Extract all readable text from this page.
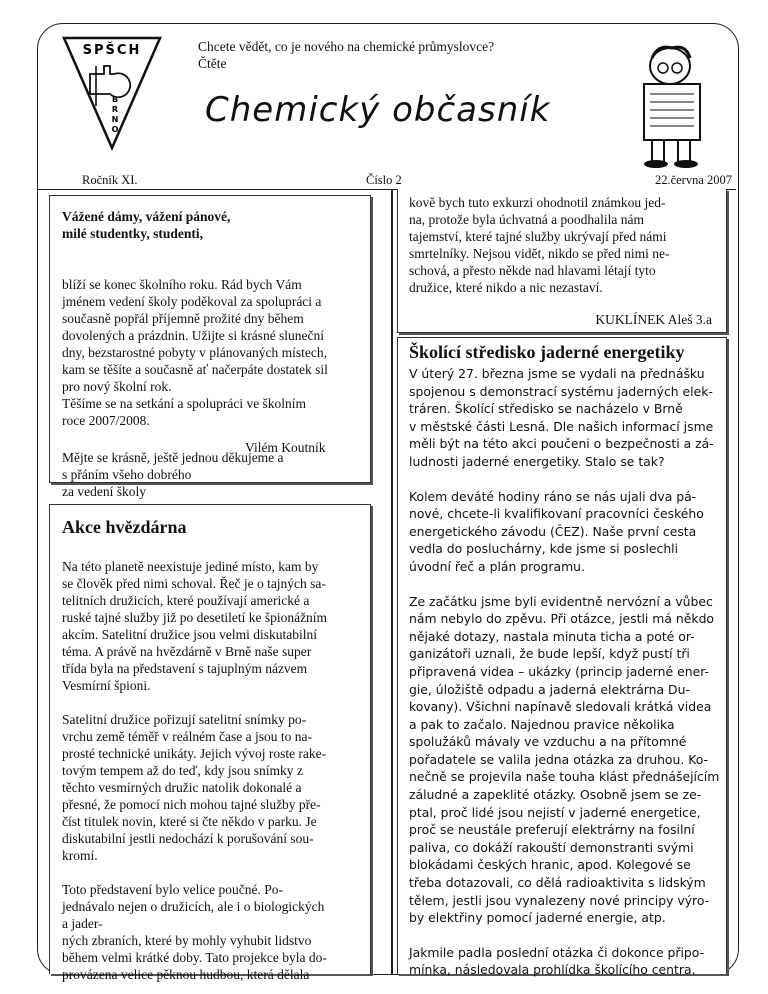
SPŠCH
B
R
N
O
Chcete vědět, co je nového na chemické průmyslovce?
Čtěte
Chemický občasník
Ročník XI.	Číslo 2	22.června 2007

Vážené dámy, vážení pánové,
milé studentky, studenti,

blíží se konec školního roku. Rád bych Vám
jménem vedení školy poděkoval za spolupráci a
současně popřál příjemně prožité dny během
dovolených a prázdnin. Užijte si krásné sluneční
dny, bezstarostné pobyty v plánovaných místech,
kam se těšíte a současně ať načerpáte dostatek sil
pro nový školní rok.
Těšíme se na setkání a spolupráci ve školním
roce 2007/2008.

Mějte se krásně, ještě jednou děkujeme a
s přáním všeho dobrého
za vedení školy

Vilém Koutník
Akce hvězdárna

Na této planetě neexistuje jediné místo, kam by
se člověk před nimi schoval. Řeč je o tajných sa-
telitních družicích, které používají americké a
ruské tajné služby již po desetiletí ke špionážním
akcím. Satelitní družice jsou velmi diskutabilní
téma. A právě na hvězdárně v Brně naše super
třída byla na představení s tajuplným názvem
Vesmírní špioni.

Satelitní družice pořizují satelitní snímky po-
vrchu země téměř v reálném čase a jsou to na-
prosté technické unikáty. Jejich vývoj roste rake-
tovým tempem až do teď, kdy jsou snímky z
těchto vesmírných družic natolik dokonalé a
přesné, že pomocí nich mohou tajné služby pře-
číst titulek novin, které si čte někdo v parku. Je
diskutabilní jestli nedochází k porušování sou-
kromí.

Toto představení bylo velice poučné. Po-
jednávalo nejen o družicích, ale i o biologických
a jader-
ných zbraních, které by mohly vyhubit lidstvo
během velmi krátké doby. Tato projekce byla do-
provázena velice pěknou hudbou, která dělala

kově bych tuto exkurzi ohodnotil známkou jed-
na, protože byla úchvatná a poodhalila nám
tajemství, které tajné služby ukrývají před námi
smrtelníky. Nejsou vidět, nikdo se před nimi ne-
schová, a přesto někde nad hlavami létají tyto
družice, které nikdo a nic nezastaví.

KUKLÍNEK Aleš 3.a
Školící středisko jaderné energetiky

V úterý 27. března jsme se vydali na přednášku
spojenou s demonstrací systému jaderných elek-
tráren. Školící středisko se nacházelo v Brně
v městské části Lesná. Dle našich informací jsme
měli být na této akci poučeni o bezpečnosti a zá-
ludnosti jaderné energetiky. Stalo se tak?

Kolem deváté hodiny ráno se nás ujali dva pá-
nové, chcete-li kvalifikovaní pracovníci českého
energetického závodu (ČEZ). Naše první cesta
vedla do posluchárny, kde jsme si poslechli
úvodní řeč a plán programu.

Ze začátku jsme byli evidentně nervózní a vůbec
nám nebylo do zpěvu. Při otázce, jestli má někdo
nějaké dotazy, nastala minuta ticha a poté or-
ganizátoři uznali, že bude lepší, když pustí tři
připravená videa – ukázky (princip jaderné ener-
gie, úložiště odpadu a jaderná elektrárna Du-
kovany). Všichni napínavě sledovali krátká videa
a pak to začalo. Najednou pravice několika
spolužáků mávaly ve vzduchu a na přítomné
pořadatele se valila jedna otázka za druhou. Ko-
nečně se projevila naše touha klást přednášejícím
záludné a zapeklité otázky. Osobně jsem se ze-
ptal, proč lidé jsou nejistí v jaderné energetice,
proč se neustále preferují elektrárny na fosilní
paliva, co dokáží rakouští demonstranti svými
blokádami českých hranic, apod. Kolegové se
třeba dotazovali, co dělá radioaktivita s lidským
tělem, jestli jsou vynalezeny nové principy výro-
by elektřiny pomocí jaderné energie, atp.

Jakmile padla poslední otázka či dokonce připo-
mínka, následovala prohlídka školícího centra.
